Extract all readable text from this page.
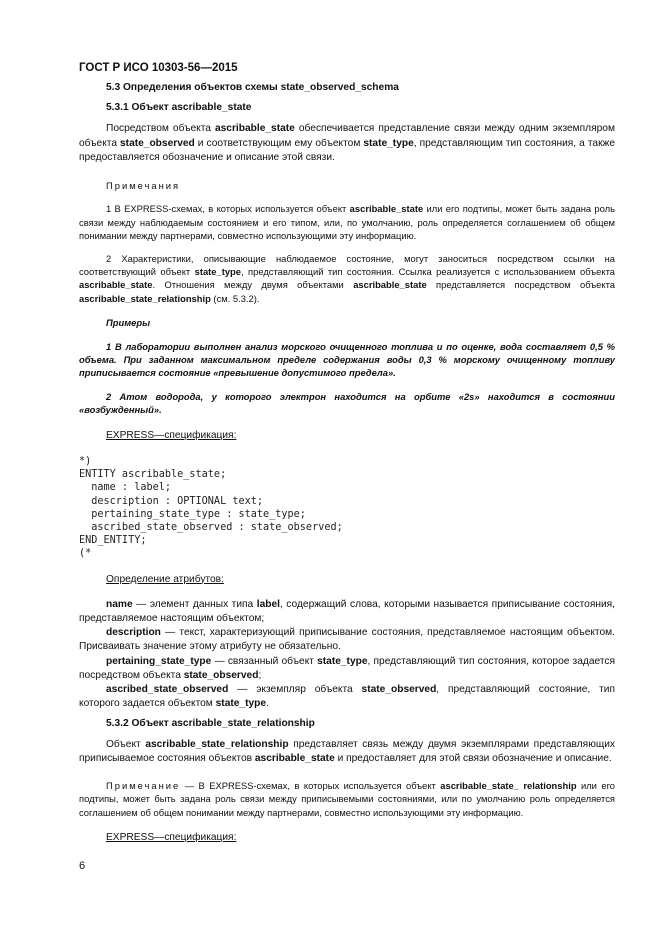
ГОСТ Р ИСО 10303-56—2015

5.3 Определения объектов схемы state_observed_schema

5.3.1 Объект ascribable_state

Посредством объекта ascribable_state обеспечивается представление связи между одним экземпляром объекта state_observed и соответствующим ему объектом state_type, представляющим тип состояния, а также предоставляется обозначение и описание этой связи.

Примечания

1 В EXPRESS-схемах, в которых используется объект ascribable_state или его подтипы, может быть задана роль связи между наблюдаемым состоянием и его типом, или, по умолчанию, роль определяется соглашением об общем понимании между партнерами, совместно использующими эту информацию.

2 Характеристики, описывающие наблюдаемое состояние, могут заноситься посредством ссылки на соответствующий объект state_type, представляющий тип состояния. Ссылка реализуется с использованием объекта ascribable_state. Отношения между двумя объектами ascribable_state представляется посредством объекта ascribable_state_relationship (см. 5.3.2).

Примеры

1 В лаборатории выполнен анализ морского очищенного топлива и по оценке, вода составляет 0,5 % объема. При заданном максимальном пределе содержания воды 0,3 % морскому очищенному топливу приписывается состояние «превышение допустимого предела».

2 Атом водорода, у которого электрон находится на орбите «2s» находится в состоянии «возбужденный».

EXPRESS—спецификация:

*)
ENTITY ascribable_state;
name : label;
description : OPTIONAL text;
pertaining_state_type : state_type;
ascribed_state_observed : state_observed;
END_ENTITY;
(*

Определение атрибутов:

name — элемент данных типа label, содержащий слова, которыми называется приписывание состояния, представляемое настоящим объектом;

description — текст, характеризующий приписывание состояния, представляемое настоящим объектом. Присваивать значение этому атрибуту не обязательно.

pertaining_state_type — связанный объект state_type, представляющий тип состояния, которое задается посредством объекта state_observed;

ascribed_state_observed — экземпляр объекта state_observed, представляющий состояние, тип которого задается объектом state_type.

5.3.2 Объект ascribable_state_relationship

Объект ascribable_state_relationship представляет связь между двумя экземплярами представляющих приписываемое состояния объектов ascribable_state и предоставляет для этой связи обозначение и описание.

Примечание — В EXPRESS-схемах, в которых используется объект ascribable_state_ relationship или его подтипы, может быть задана роль связи между приписывемыми состояниями, или по умолчанию роль определяется соглашением об общем понимании между партнерами, совместно использующими эту информацию.

EXPRESS—спецификация:

6
